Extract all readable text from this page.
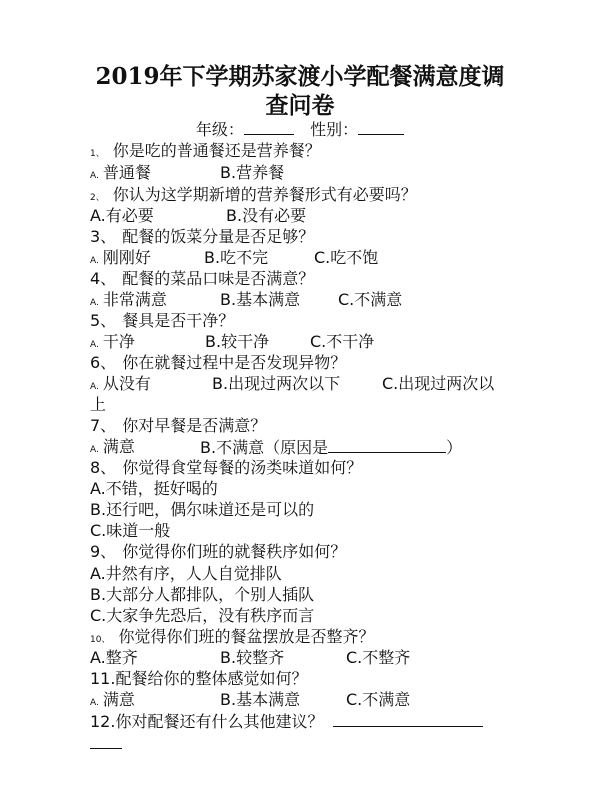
2019年下学期苏家渡小学配餐满意度调
查问卷
年级：	性别：
1、 你是吃的普通餐还是营养餐？
A. 普通餐	B.营养餐
2、 你认为这学期新增的营养餐形式有必要吗？
A.有必要	B.没有必要
3、 配餐的饭菜分量是否足够？
A. 刚刚好	B.吃不完	C.吃不饱
4、 配餐的菜品口味是否满意？
A. 非常满意	B.基本满意 C.不满意
5、 餐具是否干净？
A. 干净	B.较干净	C.不干净
6、 你在就餐过程中是否发现异物？
A. 从没有	B.出现过两次以下	C.出现过两次以
上
7、 你对早餐是否满意？
A. 满意	B.不满意（原因是	）
8、 你觉得食堂每餐的汤类味道如何？
A.不错，挺好喝的
B.还行吧，偶尔味道还是可以的
C.味道一般
9、 你觉得你们班的就餐秩序如何？
A.井然有序，人人自觉排队
B.大部分人都排队，个别人插队
C.大家争先恐后，没有秩序而言
10、 你觉得你们班的餐盆摆放是否整齐？
A.整齐	B.较整齐	C.不整齐
11.配餐给你的整体感觉如何？
A. 满意	B.基本满意	C.不满意
12.你对配餐还有什么其他建议？
